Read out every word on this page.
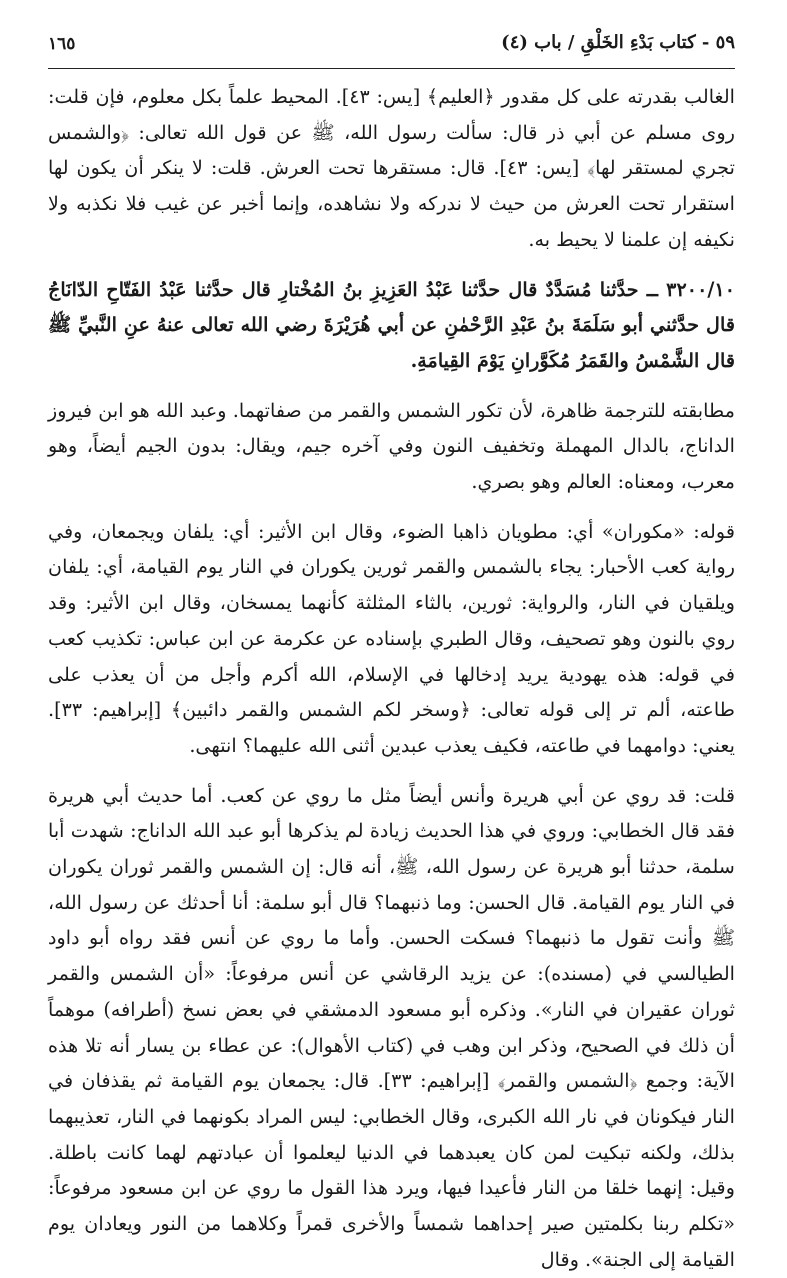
٥٩ - كتاب بَدْءِ الخَلْقِ / باب (٤)
١٦٥

الغالب بقدرته على كل مقدور ﴿العليم﴾ [يس: ٤٣]. المحيط علماً بكل معلوم، فإن قلت: روى مسلم عن أبي ذر قال: سألت رسول الله، ﷺ عن قول الله تعالى: ﴿والشمس تجري لمستقر لها﴾ [يس: ٤٣]. قال: مستقرها تحت العرش. قلت: لا ينكر أن يكون لها استقرار تحت العرش من حيث لا ندركه ولا نشاهده، وإنما أخبر عن غيب فلا نكذبه ولا نكيفه إن علمنا لا يحيط به.

٣٢٠٠/١٠ ــ حدَّثنا مُسَدَّدٌ قال حدَّثنا عَبْدُ العَزِيزِ بنُ المُخْتارِ قال حدَّثنا عَبْدُ الفَتّاحِ الدّانَاجُ قال حدَّثني أبو سَلَمَةَ بنُ عَبْدِ الرَّحْمٰنِ عن أبي هُرَيْرَةَ رضي الله تعالى عنهُ عنِ النَّبيِّ ﷺ قال الشَّمْسُ والقَمَرُ مُكَوَّرانِ يَوْمَ القِيامَةِ.

مطابقته للترجمة ظاهرة، لأن تكور الشمس والقمر من صفاتهما. وعبد الله هو ابن فيروز الداناج، بالدال المهملة وتخفيف النون وفي آخره جيم، ويقال: بدون الجيم أيضاً، وهو معرب، ومعناه: العالم وهو بصري.

قوله: «مكوران» أي: مطويان ذاهبا الضوء، وقال ابن الأثير: أي: يلفان ويجمعان، وفي رواية كعب الأحبار: يجاء بالشمس والقمر ثورين يكوران في النار يوم القيامة، أي: يلفان ويلقيان في النار، والرواية: ثورين، بالثاء المثلثة كأنهما يمسخان، وقال ابن الأثير: وقد روي بالنون وهو تصحيف، وقال الطبري بإسناده عن عكرمة عن ابن عباس: تكذيب كعب في قوله: هذه يهودية يريد إدخالها في الإسلام، الله أكرم وأجل من أن يعذب على طاعته، ألم تر إلى قوله تعالى: ﴿وسخر لكم الشمس والقمر دائبين﴾ [إبراهيم: ٣٣]. يعني: دوامهما في طاعته، فكيف يعذب عبدين أثنى الله عليهما؟ انتهى.

قلت: قد روي عن أبي هريرة وأنس أيضاً مثل ما روي عن كعب. أما حديث أبي هريرة فقد قال الخطابي: وروي في هذا الحديث زيادة لم يذكرها أبو عبد الله الداناج: شهدت أبا سلمة، حدثنا أبو هريرة عن رسول الله، ﷺ، أنه قال: إن الشمس والقمر ثوران يكوران في النار يوم القيامة. قال الحسن: وما ذنبهما؟ قال أبو سلمة: أنا أحدثك عن رسول الله، ﷺ وأنت تقول ما ذنبهما؟ فسكت الحسن. وأما ما روي عن أنس فقد رواه أبو داود الطيالسي في (مسنده): عن يزيد الرقاشي عن أنس مرفوعاً: «أن الشمس والقمر ثوران عقيران في النار». وذكره أبو مسعود الدمشقي في بعض نسخ (أطرافه) موهماً أن ذلك في الصحيح، وذكر ابن وهب في (كتاب الأهوال): عن عطاء بن يسار أنه تلا هذه الآية: وجمع ﴿الشمس والقمر﴾ [إبراهيم: ٣٣]. قال: يجمعان يوم القيامة ثم يقذفان في النار فيكونان في نار الله الكبرى، وقال الخطابي: ليس المراد بكونهما في النار، تعذيبهما بذلك، ولكنه تبكيت لمن كان يعبدهما في الدنيا ليعلموا أن عبادتهم لهما كانت باطلة. وقيل: إنهما خلقا من النار فأعيدا فيها، ويرد هذا القول ما روي عن ابن مسعود مرفوعاً: «تكلم ربنا بكلمتين صير إحداهما شمساً والأخرى قمراً وكلاهما من النور ويعادان يوم القيامة إلى الجنة». وقال
